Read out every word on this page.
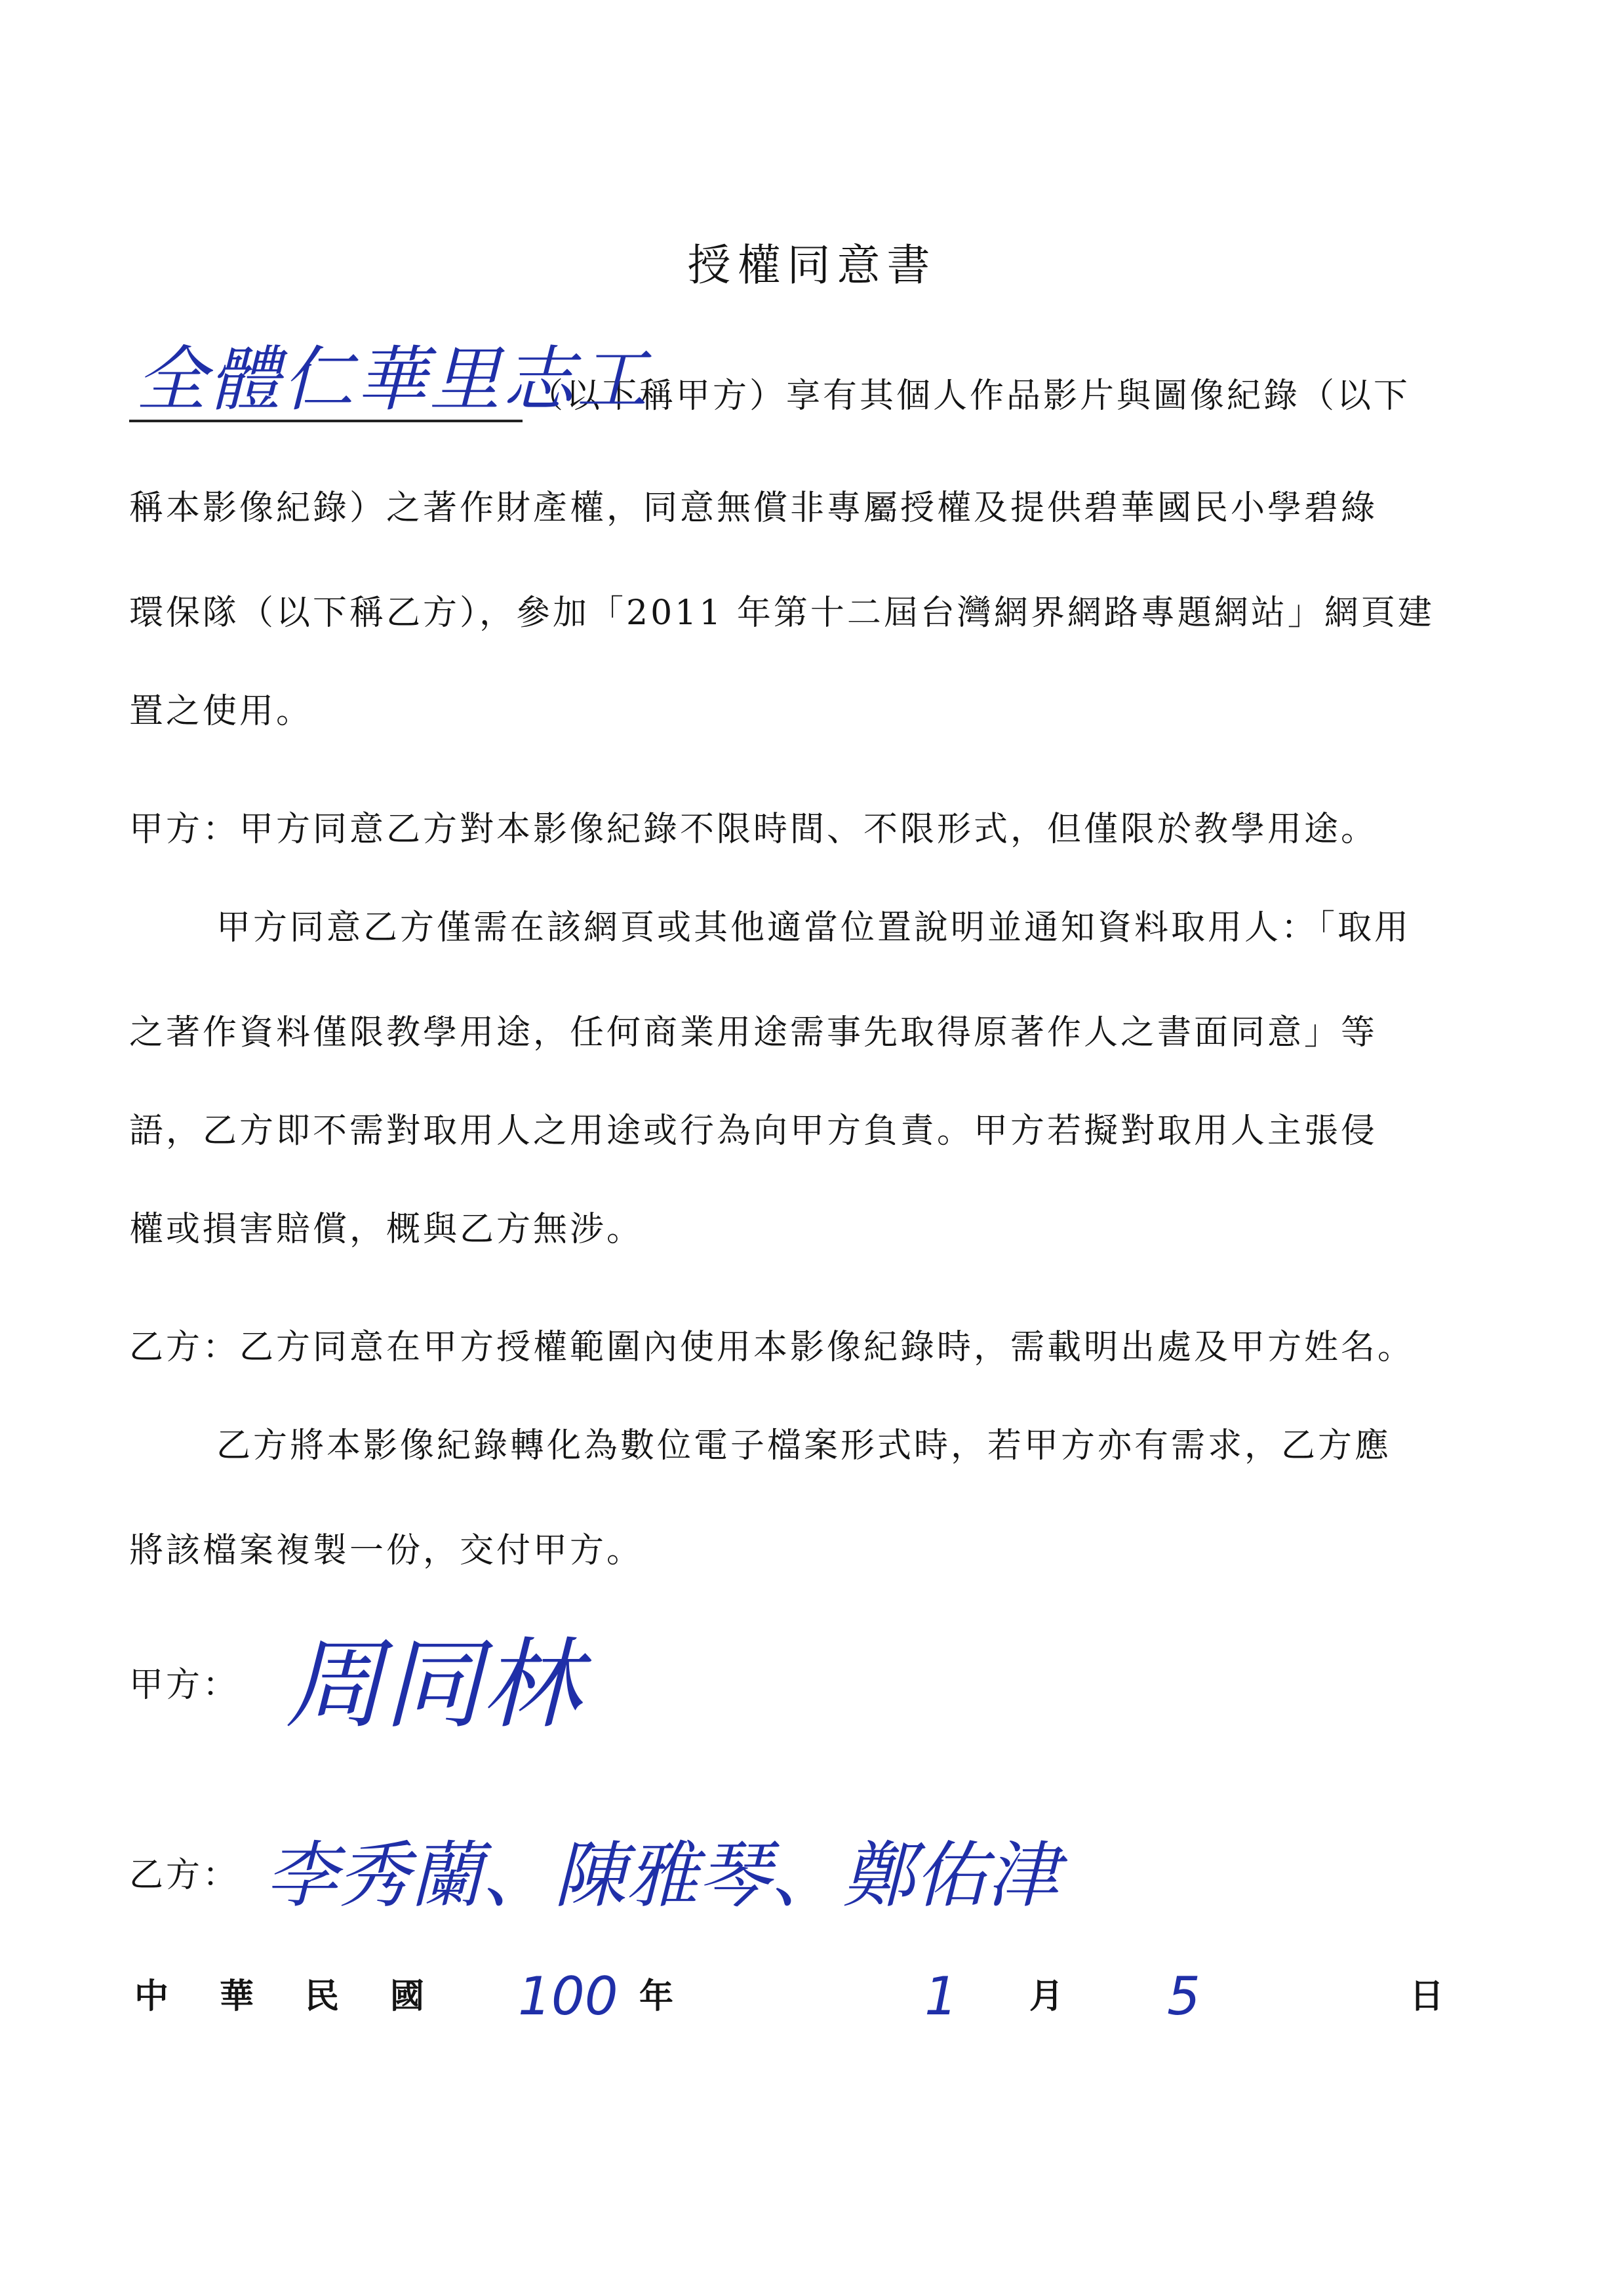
授權同意書
全體仁華里志工
（以下稱甲方）享有其個人作品影片與圖像紀錄（以下
稱本影像紀錄）之著作財產權，同意無償非專屬授權及提供碧華國民小學碧綠
環保隊（以下稱乙方），參加「2011 年第十二屆台灣網界網路專題網站」網頁建
置之使用。
甲方：甲方同意乙方對本影像紀錄不限時間、不限形式，但僅限於教學用途。
甲方同意乙方僅需在該網頁或其他適當位置說明並通知資料取用人：「取用
之著作資料僅限教學用途，任何商業用途需事先取得原著作人之書面同意」等
語，乙方即不需對取用人之用途或行為向甲方負責。甲方若擬對取用人主張侵
權或損害賠償，概與乙方無涉。
乙方：乙方同意在甲方授權範圍內使用本影像紀錄時，需載明出處及甲方姓名。
乙方將本影像紀錄轉化為數位電子檔案形式時，若甲方亦有需求，乙方應
將該檔案複製一份，交付甲方。
甲方： 周同林
乙方： 李秀蘭、陳雅琴、鄭佑津
中 華 民 國 100 年	1 月 5	日
